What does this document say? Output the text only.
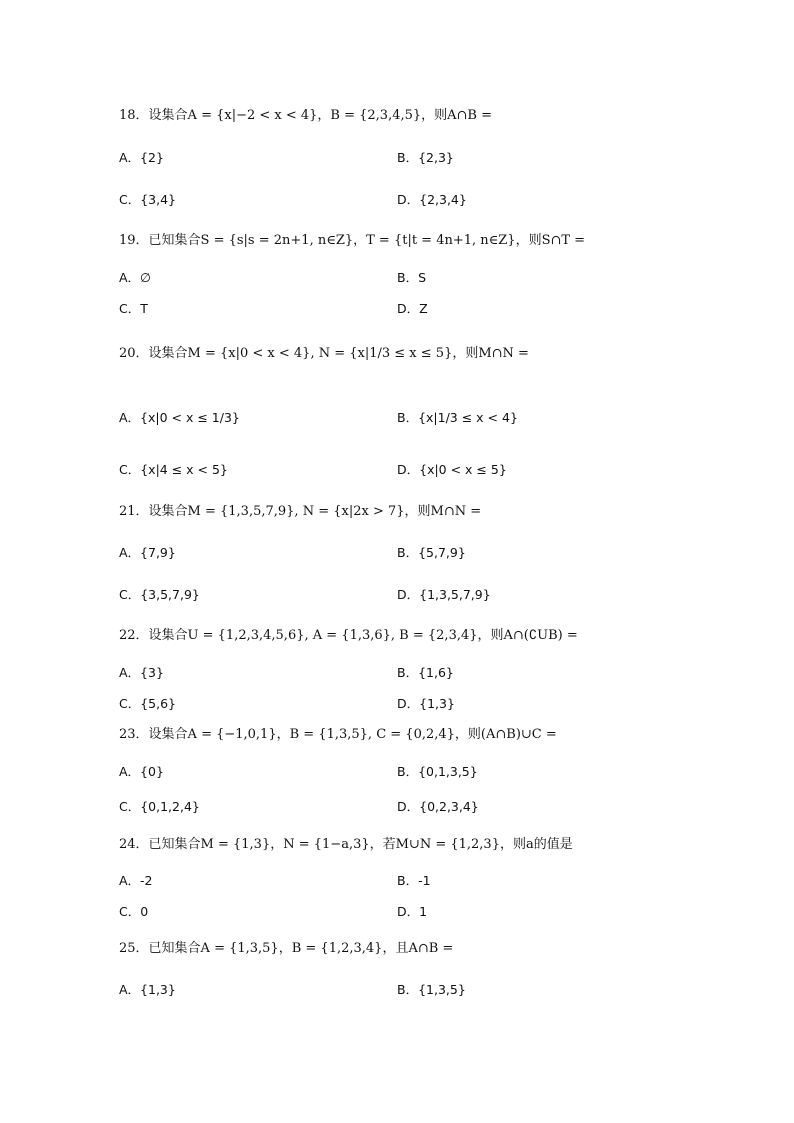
18．设集合A = {x|−2 < x < 4}，B = {2,3,4,5}，则A∩B =
A．{2}	B．{2,3}
C．{3,4}	D．{2,3,4}
19．已知集合S = {s|s = 2n+1, n∈Z}，T = {t|t = 4n+1, n∈Z}，则S∩T =
A．∅	B．S
C．T	D．Z
20．设集合M = {x|0 < x < 4}, N = {x|1/3 ≤ x ≤ 5}，则M∩N =
A．{x|0 < x ≤ 1/3}	B．{x|1/3 ≤ x < 4}
C．{x|4 ≤ x < 5}	D．{x|0 < x ≤ 5}
21．设集合M = {1,3,5,7,9}, N = {x|2x > 7}，则M∩N =
A．{7,9}	B．{5,7,9}
C．{3,5,7,9}	D．{1,3,5,7,9}
22．设集合U = {1,2,3,4,5,6}, A = {1,3,6}, B = {2,3,4}，则A∩(∁UB) =
A．{3}	B．{1,6}
C．{5,6}	D．{1,3}
23．设集合A = {−1,0,1}，B = {1,3,5}, C = {0,2,4}，则(A∩B)∪C =
A．{0}	B．{0,1,3,5}
C．{0,1,2,4}	D．{0,2,3,4}
24．已知集合M = {1,3}，N = {1−a,3}，若M∪N = {1,2,3}，则a的值是
A．-2	B．-1
C．0	D．1
25．已知集合A = {1,3,5}，B = {1,2,3,4}，且A∩B =
A．{1,3}	B．{1,3,5}
